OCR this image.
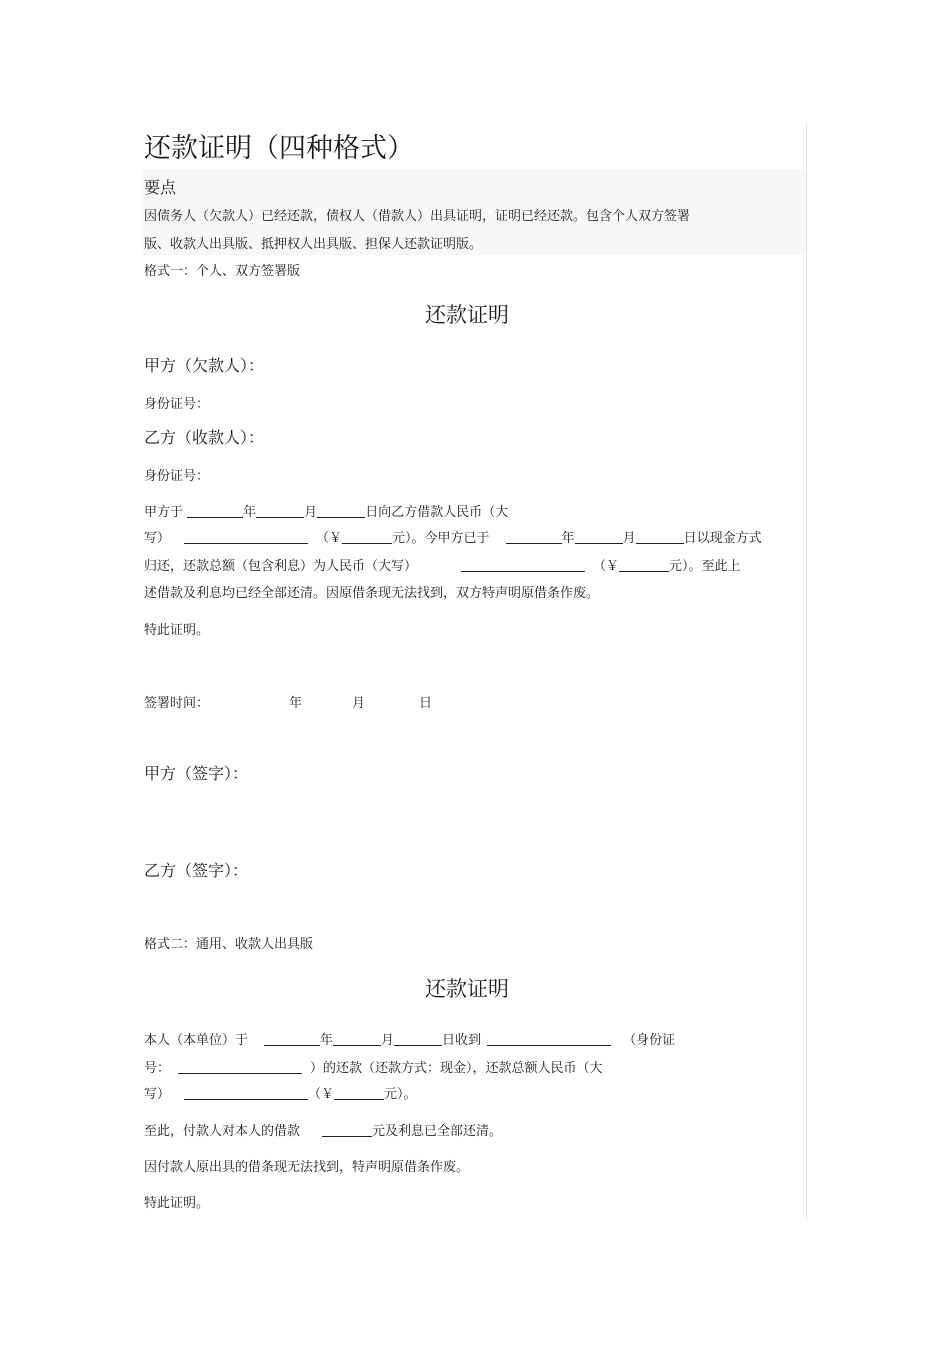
还款证明（四种格式）
要点
因债务人（欠款人）已经还款，债权人（借款人）出具证明，证明已经还款。包含个人双方签署
版、收款人出具版、抵押权人出具版、担保人还款证明版。
格式一：个人、双方签署版
还款证明
甲方（欠款人）：
身份证号：
乙方（收款人）：
身份证号：
甲方于	年	月	日向乙方借款人民币（大
写）	（￥	元）。今甲方已于	年	月	日以现金方式
归还，还款总额（包含利息）为人民币（大写）	（￥	元）。至此上
述借款及利息均已经全部还清。因原借条现无法找到，双方特声明原借条作废。
特此证明。
签署时间：	年	月	日
甲方（签字）：
乙方（签字）：
格式二：通用、收款人出具版
还款证明
本人（本单位）于	年	月	日收到	（身份证
号：	）的还款（还款方式：现金），还款总额人民币（大
写）	（￥	元）。
至此，付款人对本人的借款	元及利息已全部还清。
因付款人原出具的借条现无法找到，特声明原借条作废。
特此证明。
